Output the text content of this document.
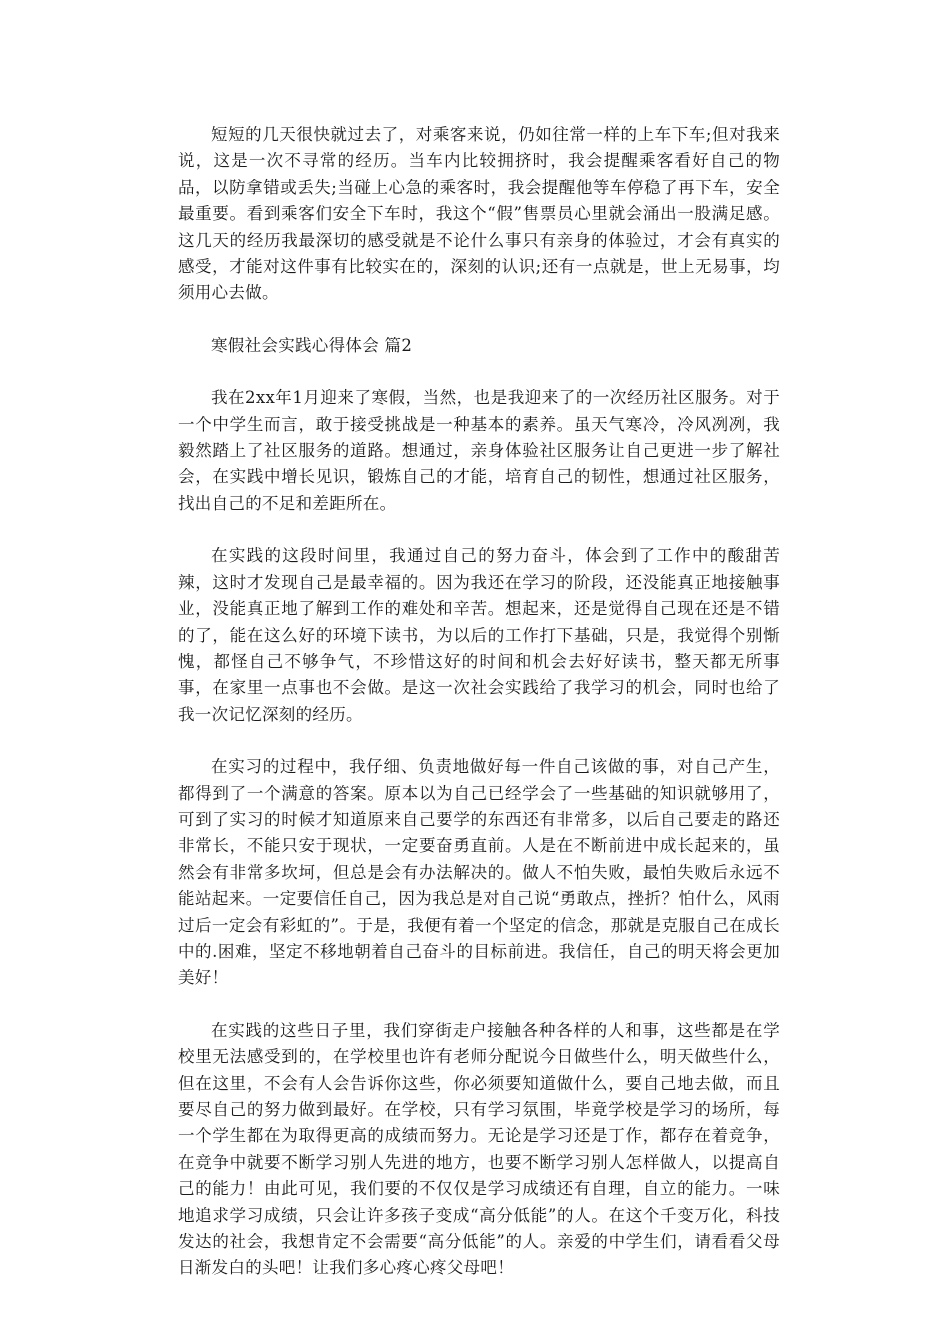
短短的几天很快就过去了，对乘客来说，仍如往常一样的上车下车;但对我来说，这是一次不寻常的经历。当车内比较拥挤时，我会提醒乘客看好自己的物品，以防拿错或丢失;当碰上心急的乘客时，我会提醒他等车停稳了再下车，安全最重要。看到乘客们安全下车时，我这个“假”售票员心里就会涌出一股满足感。这几天的经历我最深切的感受就是不论什么事只有亲身的体验过，才会有真实的感受，才能对这件事有比较实在的，深刻的认识;还有一点就是，世上无易事，均须用心去做。

寒假社会实践心得体会 篇2

我在2xx年1月迎来了寒假，当然，也是我迎来了的一次经历社区服务。对于一个中学生而言，敢于接受挑战是一种基本的素养。虽天气寒冷，冷风冽冽，我毅然踏上了社区服务的道路。想通过，亲身体验社区服务让自己更进一步了解社会，在实践中增长见识，锻炼自己的才能，培育自己的韧性，想通过社区服务，找出自己的不足和差距所在。

在实践的这段时间里，我通过自己的努力奋斗，体会到了工作中的酸甜苦辣，这时才发现自己是最幸福的。因为我还在学习的阶段，还没能真正地接触事业，没能真正地了解到工作的难处和辛苦。想起来，还是觉得自己现在还是不错的了，能在这么好的环境下读书，为以后的工作打下基础，只是，我觉得个别惭愧，都怪自己不够争气，不珍惜这好的时间和机会去好好读书，整天都无所事事，在家里一点事也不会做。是这一次社会实践给了我学习的机会，同时也给了我一次记忆深刻的经历。

在实习的过程中，我仔细、负责地做好每一件自己该做的事，对自己产生，都得到了一个满意的答案。原本以为自己已经学会了一些基础的知识就够用了，可到了实习的时候才知道原来自己要学的东西还有非常多，以后自己要走的路还非常长，不能只安于现状，一定要奋勇直前。人是在不断前进中成长起来的，虽然会有非常多坎坷，但总是会有办法解决的。做人不怕失败，最怕失败后永远不能站起来。一定要信任自己，因为我总是对自己说“勇敢点，挫折？怕什么，风雨过后一定会有彩虹的”。于是，我便有着一个坚定的信念，那就是克服自己在成长中的.困难，坚定不移地朝着自己奋斗的目标前进。我信任，自己的明天将会更加美好！

在实践的这些日子里，我们穿街走户接触各种各样的人和事，这些都是在学校里无法感受到的，在学校里也许有老师分配说今日做些什么，明天做些什么，但在这里，不会有人会告诉你这些，你必须要知道做什么，要自己地去做，而且要尽自己的努力做到最好。在学校，只有学习氛围，毕竟学校是学习的场所，每一个学生都在为取得更高的成绩而努力。无论是学习还是丁作，都存在着竞争，在竞争中就要不断学习别人先进的地方，也要不断学习别人怎样做人，以提高自己的能力！由此可见，我们要的不仅仅是学习成绩还有自理，自立的能力。一味地追求学习成绩，只会让许多孩子变成“高分低能”的人。在这个千变万化，科技发达的社会，我想肯定不会需要“高分低能”的人。亲爱的中学生们，请看看父母日渐发白的头吧！让我们多心疼心疼父母吧！
